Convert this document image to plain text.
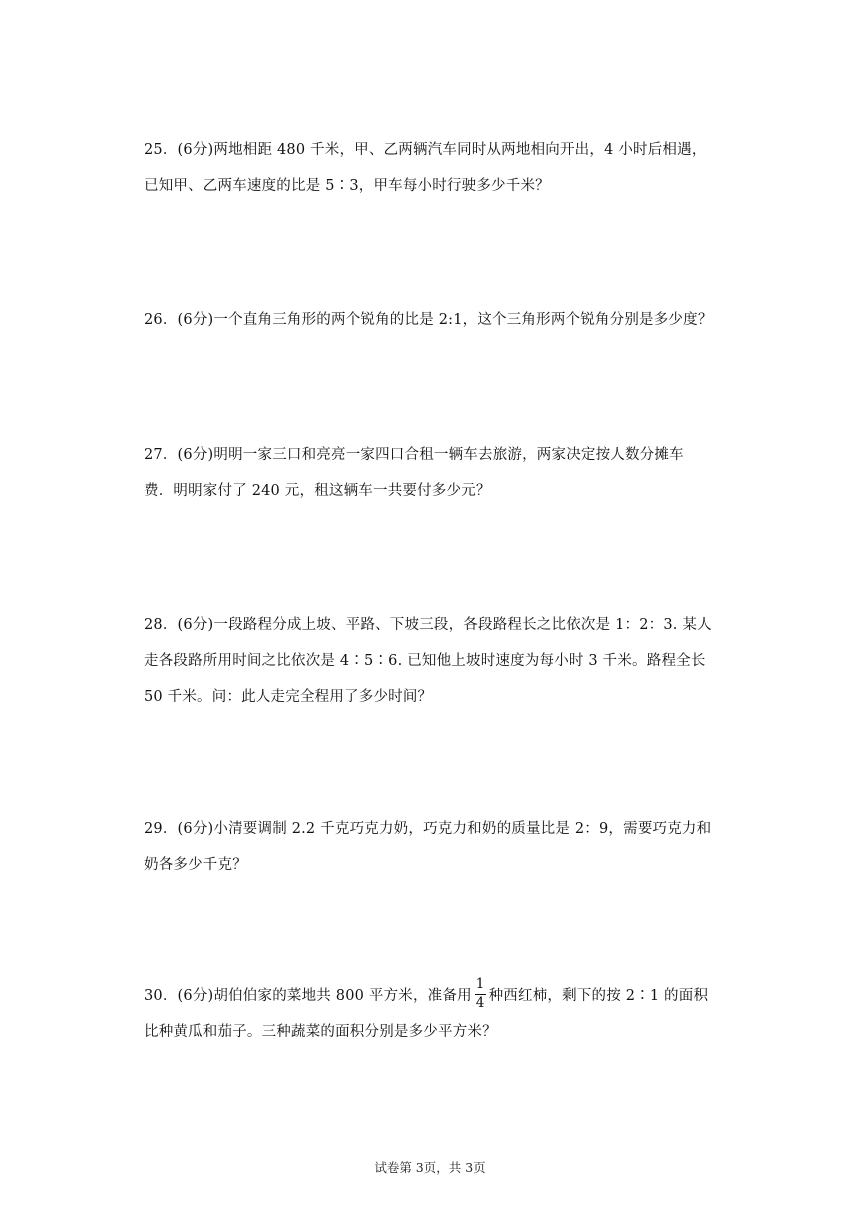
25．(6分)两地相距 480 千米，甲、乙两辆汽车同时从两地相向开出，4 小时后相遇，
已知甲、乙两车速度的比是 5∶3，甲车每小时行驶多少千米？
26．(6分)一个直角三角形的两个锐角的比是 2:1，这个三角形两个锐角分别是多少度？
27．(6分)明明一家三口和亮亮一家四口合租一辆车去旅游，两家决定按人数分摊车
费．明明家付了 240 元，租这辆车一共要付多少元？
28．(6分)一段路程分成上坡、平路、下坡三段，各段路程长之比依次是 1：2：3. 某人
走各段路所用时间之比依次是 4∶5∶6. 已知他上坡时速度为每小时 3 千米。路程全长
50 千米。问：此人走完全程用了多少时间？
29．(6分)小清要调制 2.2 千克巧克力奶，巧克力和奶的质量比是 2：9，需要巧克力和
奶各多少千克？
30．(6分)胡伯伯家的菜地共 800 平方米，准备用 $\frac{1}{4}$ 种西红柿，剩下的按 2∶1 的面积
比种黄瓜和茄子。三种蔬菜的面积分别是多少平方米？
试卷第 3页，共 3页
